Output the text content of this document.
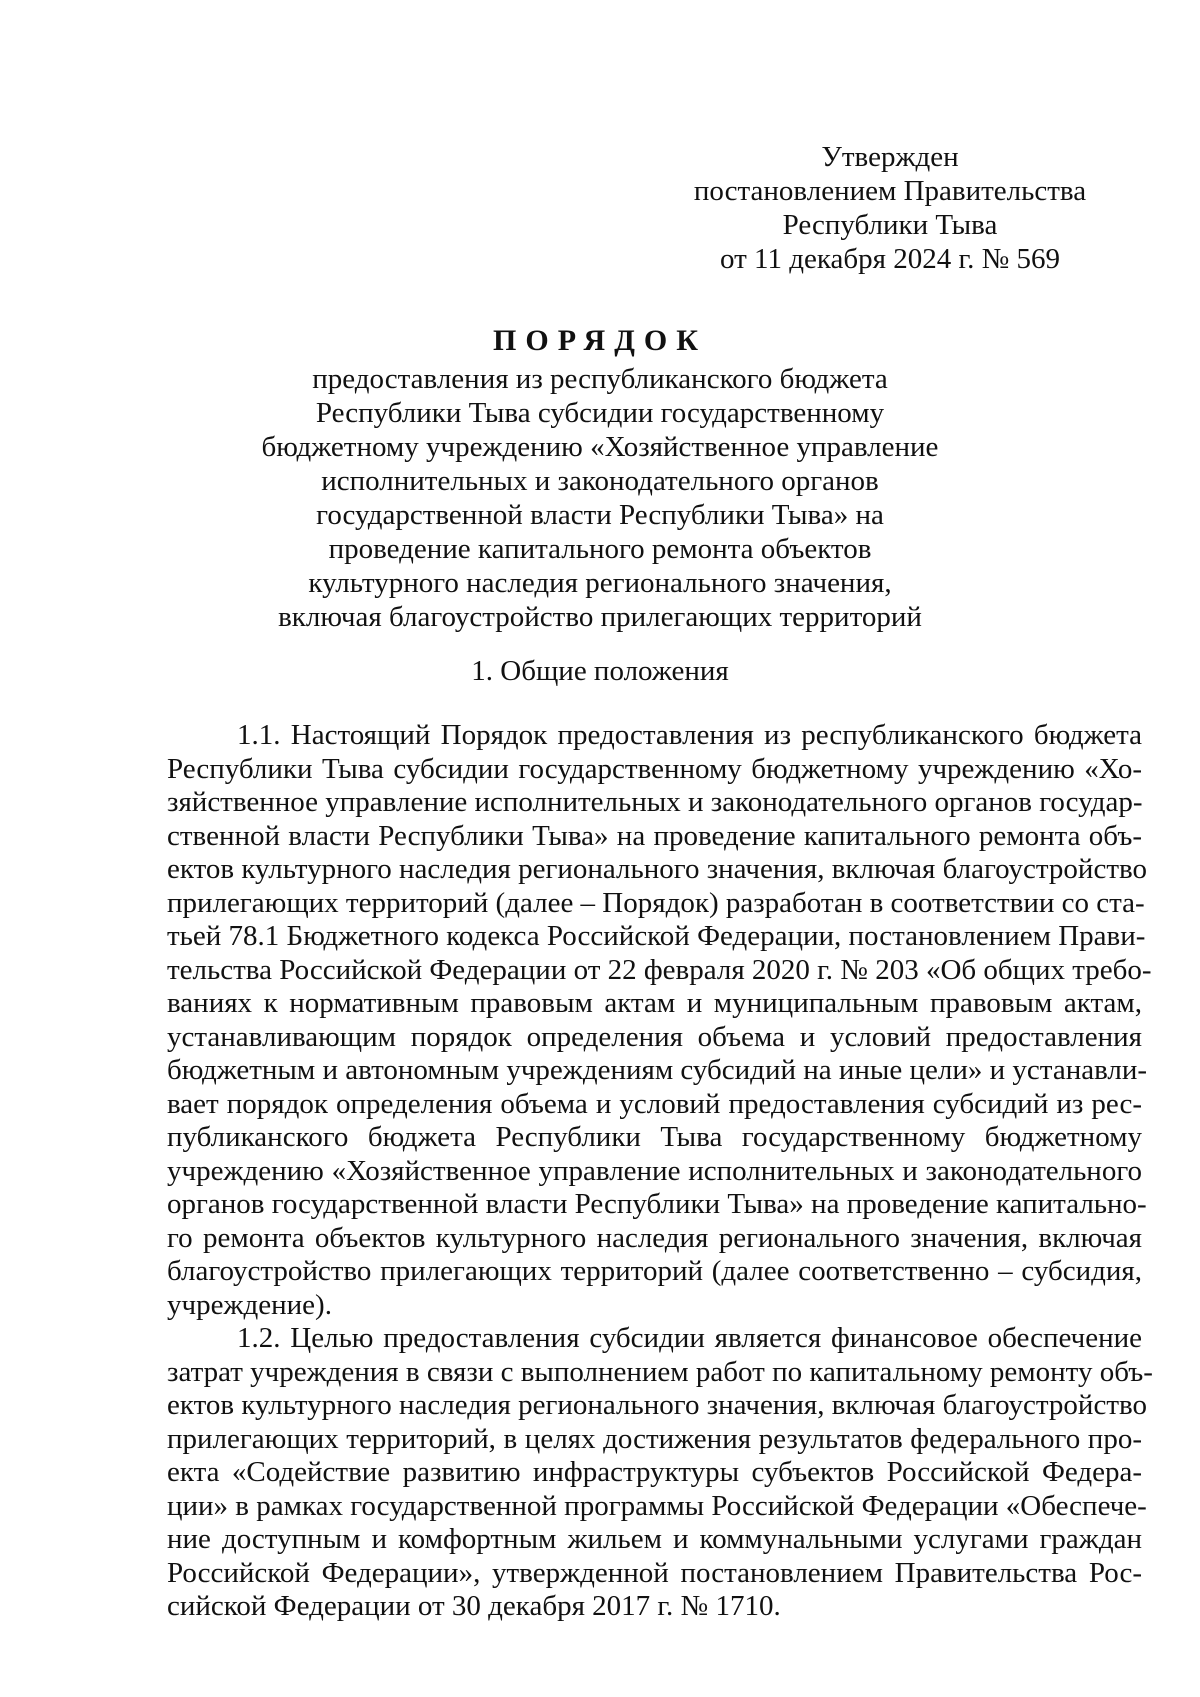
Утвержден
постановлением Правительства
Республики Тыва
от 11 декабря 2024 г. № 569
ПОРЯДОК
предоставления из республиканского бюджета
Республики Тыва субсидии государственному
бюджетному учреждению «Хозяйственное управление
исполнительных и законодательного органов
государственной власти Республики Тыва» на
проведение капитального ремонта объектов
культурного наследия регионального значения,
включая благоустройство прилегающих территорий
1. Общие положения
1.1. Настоящий Порядок предоставления из республиканского бюджета
Республики Тыва субсидии государственному бюджетному учреждению «Хо-
зяйственное управление исполнительных и законодательного органов государ-
ственной власти Республики Тыва» на проведение капитального ремонта объ-
ектов культурного наследия регионального значения, включая благоустройство
прилегающих территорий (далее – Порядок) разработан в соответствии со ста-
тьей 78.1 Бюджетного кодекса Российской Федерации, постановлением Прави-
тельства Российской Федерации от 22 февраля 2020 г. № 203 «Об общих требо-
ваниях к нормативным правовым актам и муниципальным правовым актам,
устанавливающим порядок определения объема и условий предоставления
бюджетным и автономным учреждениям субсидий на иные цели» и устанавли-
вает порядок определения объема и условий предоставления субсидий из рес-
публиканского бюджета Республики Тыва государственному бюджетному
учреждению «Хозяйственное управление исполнительных и законодательного
органов государственной власти Республики Тыва» на проведение капитально-
го ремонта объектов культурного наследия регионального значения, включая
благоустройство прилегающих территорий (далее соответственно – субсидия,
учреждение).
1.2. Целью предоставления субсидии является финансовое обеспечение
затрат учреждения в связи с выполнением работ по капитальному ремонту объ-
ектов культурного наследия регионального значения, включая благоустройство
прилегающих территорий, в целях достижения результатов федерального про-
екта «Содействие развитию инфраструктуры субъектов Российской Федера-
ции» в рамках государственной программы Российской Федерации «Обеспече-
ние доступным и комфортным жильем и коммунальными услугами граждан
Российской Федерации», утвержденной постановлением Правительства Рос-
сийской Федерации от 30 декабря 2017 г. № 1710.
